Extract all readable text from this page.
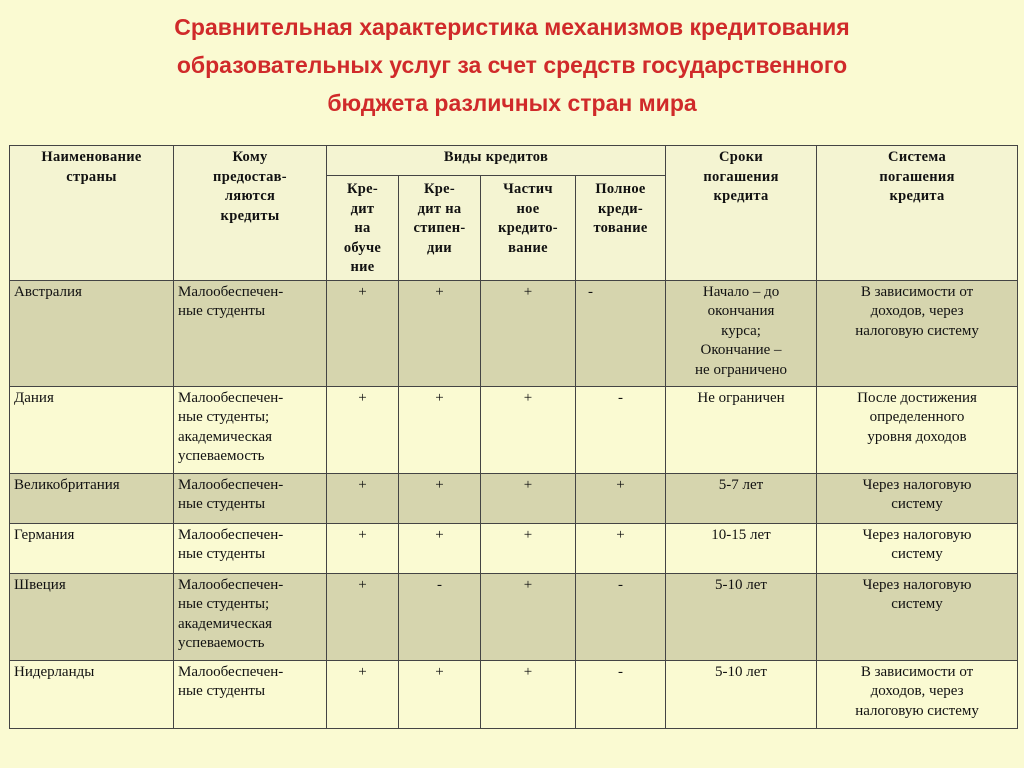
Сравнительная характеристика механизмов кредитования
образовательных услуг за счет средств государственного
бюджета различных стран мира
Наименование
страны	Кому
предостав-
ляются
кредиты	Виды кредитов				Сроки
погашения
кредита	Система
погашения
кредита
		Кре-
дит
на
обуче
ние	Кре-
дит на
стипен-
дии	Частич
ное
кредито-
вание	Полное
креди-
тование		
Австралия	Малообеспечен-
ные студенты	+	+	+	-	Начало – до
окончания
курса;
Окончание –
не ограничено	В зависимости от
доходов, через
налоговую систему
Дания	Малообеспечен-
ные студенты;
академическая
успеваемость	+	+	+	-	Не ограничен	После достижения
определенного
уровня доходов
Великобритания	Малообеспечен-
ные студенты	+	+	+	+	5-7 лет	Через налоговую
систему
Германия	Малообеспечен-
ные студенты	+	+	+	+	10-15 лет	Через налоговую
систему
Швеция	Малообеспечен-
ные студенты;
академическая
успеваемость	+	-	+	-	5-10 лет	Через налоговую
систему
Нидерланды	Малообеспечен-
ные студенты	+	+	+	-	5-10 лет	В зависимости от
доходов, через
налоговую систему
